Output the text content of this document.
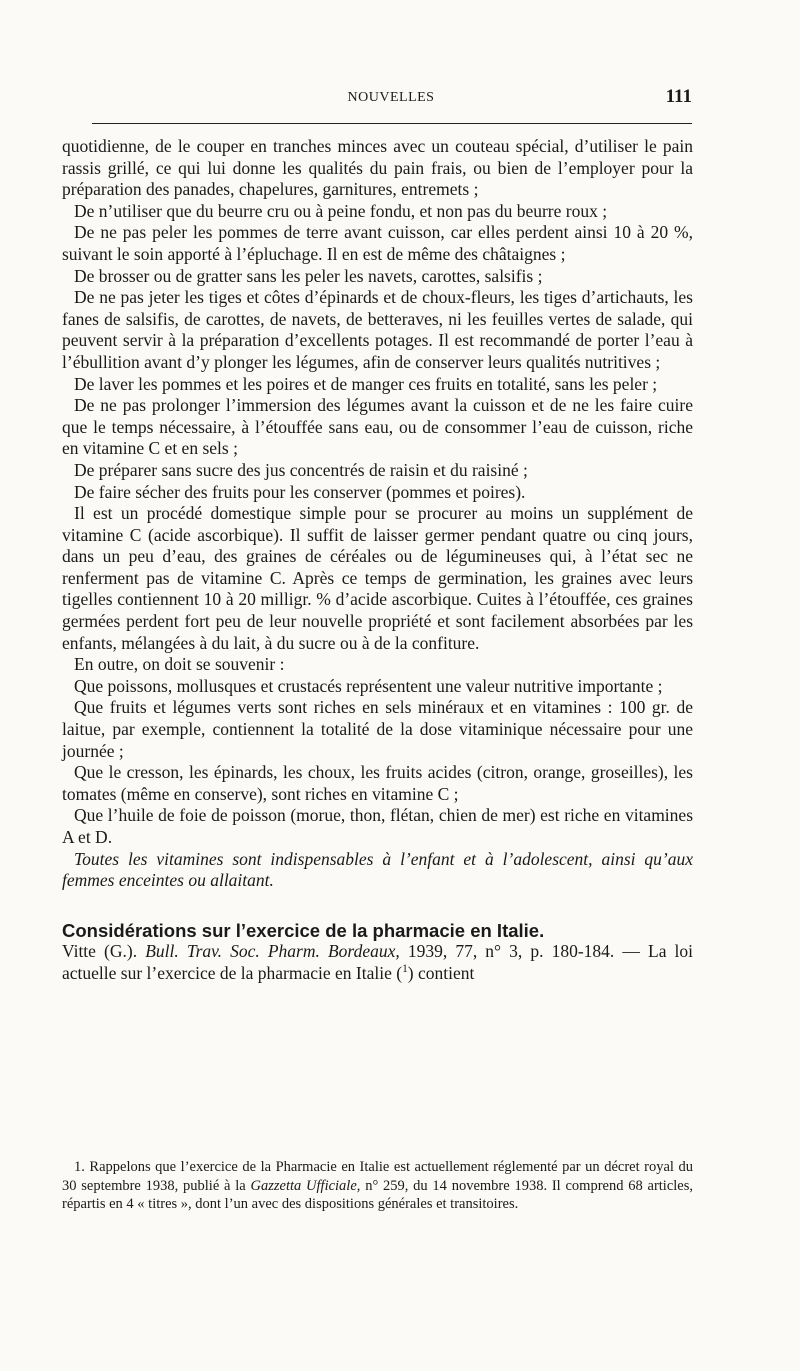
NOUVELLES	111

quotidienne, de le couper en tranches minces avec un couteau spécial, d’utiliser le pain rassis grillé, ce qui lui donne les qualités du pain frais, ou bien de l’employer pour la préparation des panades, chapelures, garnitures, entremets ;

De n’utiliser que du beurre cru ou à peine fondu, et non pas du beurre roux ;

De ne pas peler les pommes de terre avant cuisson, car elles perdent ainsi 10 à 20 %, suivant le soin apporté à l’épluchage. Il en est de même des châtaignes ;

De brosser ou de gratter sans les peler les navets, carottes, salsifis ;

De ne pas jeter les tiges et côtes d’épinards et de choux-fleurs, les tiges d’artichauts, les fanes de salsifis, de carottes, de navets, de betteraves, ni les feuilles vertes de salade, qui peuvent servir à la préparation d’excellents potages. Il est recommandé de porter l’eau à l’ébullition avant d’y plonger les légumes, afin de conserver leurs qualités nutritives ;

De laver les pommes et les poires et de manger ces fruits en totalité, sans les peler ;

De ne pas prolonger l’immersion des légumes avant la cuisson et de ne les faire cuire que le temps nécessaire, à l’étouffée sans eau, ou de consommer l’eau de cuisson, riche en vitamine C et en sels ;

De préparer sans sucre des jus concentrés de raisin et du raisiné ;

De faire sécher des fruits pour les conserver (pommes et poires).

Il est un procédé domestique simple pour se procurer au moins un supplément de vitamine C (acide ascorbique). Il suffit de laisser germer pendant quatre ou cinq jours, dans un peu d’eau, des graines de céréales ou de légumineuses qui, à l’état sec ne renferment pas de vitamine C. Après ce temps de germination, les graines avec leurs tigelles contiennent 10 à 20 milligr. % d’acide ascorbique. Cuites à l’étouffée, ces graines germées perdent fort peu de leur nouvelle propriété et sont facilement absorbées par les enfants, mélangées à du lait, à du sucre ou à de la confiture.

En outre, on doit se souvenir :

Que poissons, mollusques et crustacés représentent une valeur nutritive importante ;

Que fruits et légumes verts sont riches en sels minéraux et en vitamines : 100 gr. de laitue, par exemple, contiennent la totalité de la dose vitaminique nécessaire pour une journée ;

Que le cresson, les épinards, les choux, les fruits acides (citron, orange, groseilles), les tomates (même en conserve), sont riches en vitamine C ;

Que l’huile de foie de poisson (morue, thon, flétan, chien de mer) est riche en vitamines A et D.

Toutes les vitamines sont indispensables à l’enfant et à l’adolescent, ainsi qu’aux femmes enceintes ou allaitant.

Considérations sur l’exercice de la pharmacie en Italie.

Vitte (G.). Bull. Trav. Soc. Pharm. Bordeaux, 1939, 77, n° 3, p. 180-184. — La loi actuelle sur l’exercice de la pharmacie en Italie ($^1$) contient

1. Rappelons que l’exercice de la Pharmacie en Italie est actuellement réglementé par un décret royal du 30 septembre 1938, publié à la Gazzetta Ufficiale, n° 259, du 14 novembre 1938. Il comprend 68 articles, répartis en 4 « titres », dont l’un avec des dispositions générales et transitoires.
